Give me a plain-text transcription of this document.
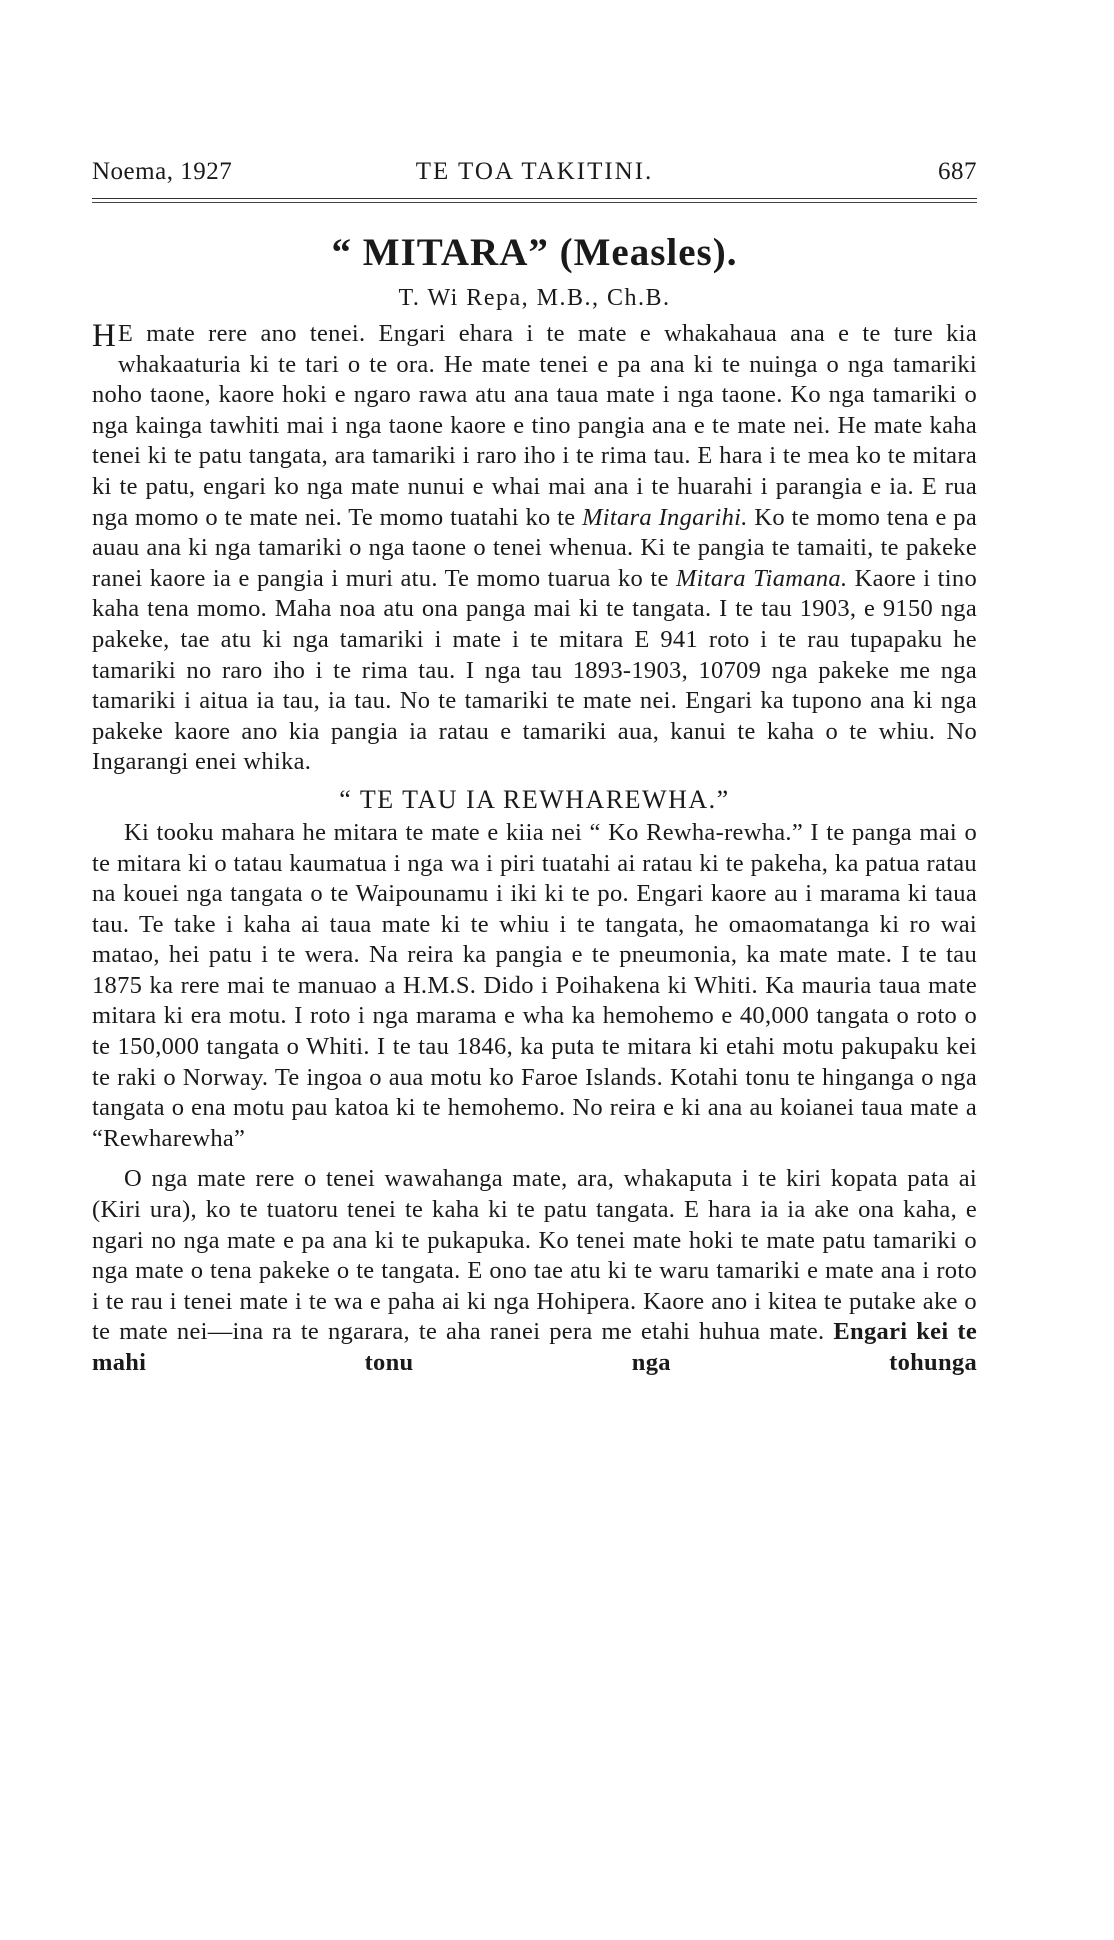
Noema, 1927	TE TOA TAKITINI.	687
“ MITARA” (Measles).
T. Wi Repa, M.B., Ch.B.
H E mate rere ano tenei. Engari ehara i te mate e whakahaua ana e te ture kia whakaaturia ki te tari o te ora. He mate tenei e pa ana ki te nuinga o nga tamariki noho taone, kaore hoki e ngaro rawa atu ana taua mate i nga taone. Ko nga tamariki o nga kainga tawhiti mai i nga taone kaore e tino pangia ana e te mate nei. He mate kaha tenei ki te patu tangata, ara tamariki i raro iho i te rima tau. E hara i te mea ko te mitara ki te patu, engari ko nga mate nunui e whai mai ana i te huarahi i parangia e ia. E rua nga momo o te mate nei. Te momo tuatahi ko te Mitara Ingarihi. Ko te momo tena e pa auau ana ki nga tamariki o nga taone o tenei whenua. Ki te pangia te tamaiti, te pakeke ranei kaore ia e pangia i muri atu. Te momo tuarua ko te Mitara Tiamana. Kaore i tino kaha tena momo. Maha noa atu ona panga mai ki te tangata. I te tau 1903, e 9150 nga pakeke, tae atu ki nga tamariki i mate i te mitara E 941 roto i te rau tupapaku he tamariki no raro iho i te rima tau. I nga tau 1893-1903, 10709 nga pakeke me nga tamariki i aitua ia tau, ia tau. No te tamariki te mate nei. Engari ka tupono ana ki nga pakeke kaore ano kia pangia ia ratau e tamariki aua, kanui te kaha o te whiu. No Ingarangi enei whika.
“ TE TAU IA REWHAREWHA.”
Ki tooku mahara he mitara te mate e kiia nei “ Ko Rewha-rewha.” I te panga mai o te mitara ki o tatau kaumatua i nga wa i piri tuatahi ai ratau ki te pakeha, ka patua ratau na kouei nga tangata o te Waipounamu i iki ki te po. Engari kaore au i marama ki taua tau. Te take i kaha ai taua mate ki te whiu i te tangata, he omaomatanga ki ro wai matao, hei patu i te wera. Na reira ka pangia e te pneumonia, ka mate mate. I te tau 1875 ka rere mai te manuao a H.M.S. Dido i Poihakena ki Whiti. Ka mauria taua mate mitara ki era motu. I roto i nga marama e wha ka hemohemo e 40,000 tangata o roto o te 150,000 tangata o Whiti. I te tau 1846, ka puta te mitara ki etahi motu pakupaku kei te raki o Norway. Te ingoa o aua motu ko Faroe Islands. Kotahi tonu te hinganga o nga tangata o ena motu pau katoa ki te hemohemo. No reira e ki ana au koianei taua mate a “Rewharewha”
O nga mate rere o tenei wawahanga mate, ara, whakaputa i te kiri kopata pata ai (Kiri ura), ko te tuatoru tenei te kaha ki te patu tangata. E hara ia ia ake ona kaha, e ngari no nga mate e pa ana ki te pukapuka. Ko tenei mate hoki te mate patu tamariki o nga mate o tena pakeke o te tangata. E ono tae atu ki te waru tamariki e mate ana i roto i te rau i tenei mate i te wa e paha ai ki nga Hohipera. Kaore ano i kitea te putake ake o te mate nei—ina ra te ngarara, te aha ranei pera me etahi huhua mate. Engari kei te mahi tonu nga tohunga
